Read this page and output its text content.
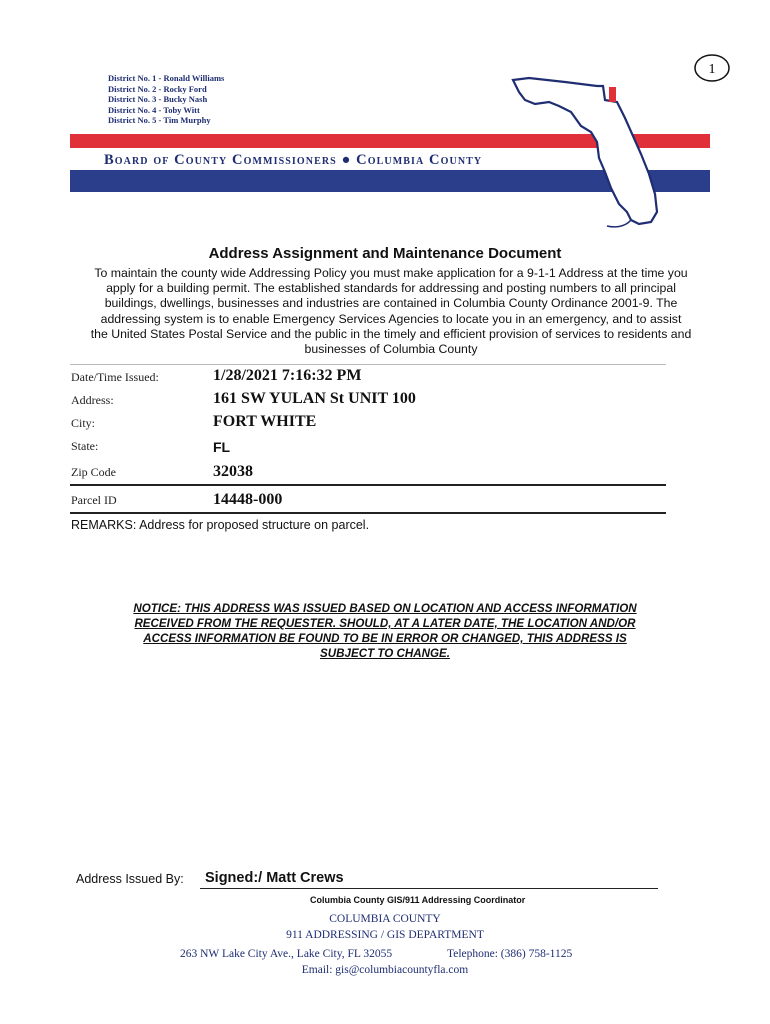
District No. 1 - Ronald Williams
District No. 2 - Rocky Ford
District No. 3 - Bucky Nash
District No. 4 - Toby Witt
District No. 5 - Tim Murphy
Board of County Commissioners ● Columbia County
1
Address Assignment and Maintenance Document
To maintain the county wide Addressing Policy you must make application for a 9-1-1 Address at the time you
apply for a building permit. The established standards for addressing and posting numbers to all principal
buildings, dwellings, businesses and industries are contained in Columbia County Ordinance 2001-9. The
addressing system is to enable Emergency Services Agencies to locate you in an emergency, and to assist
the United States Postal Service and the public in the timely and efficient provision of services to residents and
businesses of Columbia County
Date/Time Issued:	1/28/2021 7:16:32 PM
Address:	161 SW YULAN St UNIT 100
City:	FORT WHITE
State:	FL
Zip Code	32038
Parcel ID	14448-000
REMARKS: Address for proposed structure on parcel.
NOTICE: THIS ADDRESS WAS ISSUED BASED ON LOCATION AND ACCESS INFORMATION
RECEIVED FROM THE REQUESTER. SHOULD, AT A LATER DATE, THE LOCATION AND/OR
ACCESS INFORMATION BE FOUND TO BE IN ERROR OR CHANGED, THIS ADDRESS IS
SUBJECT TO CHANGE.
Address Issued By: Signed:/ Matt Crews
Columbia County GIS/911 Addressing Coordinator
COLUMBIA COUNTY
911 ADDRESSING / GIS DEPARTMENT
263 NW Lake City Ave., Lake City, FL 32055	Telephone: (386) 758-1125
Email: gis@columbiacountyfla.com
